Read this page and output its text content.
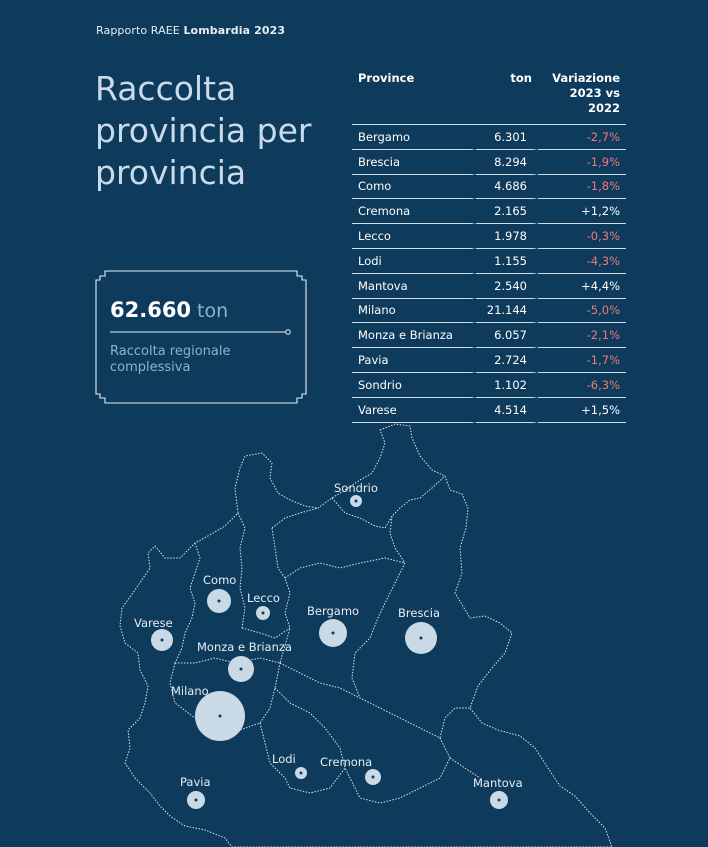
Rapporto RAEE Lombardia 2023
Raccolta provincia per provincia
62.660 ton
Raccolta regionale complessiva
Province	ton	Variazione 2023 vs 2022
Bergamo	6.301	-2,7%
Brescia	8.294	-1,9%
Como	4.686	-1,8%
Cremona	2.165	+1,2%
Lecco	1.978	-0,3%
Lodi	1.155	-4,3%
Mantova	2.540	+4,4%
Milano	21.144	-5,0%
Monza e Brianza	6.057	-2,1%
Pavia	2.724	-1,7%
Sondrio	1.102	-6,3%
Varese	4.514	+1,5%
Sondrio
Como
Lecco
Varese
Bergamo	Brescia
Monza e Brianza
Milano
Lodi Cremona
Pavia	Mantova
